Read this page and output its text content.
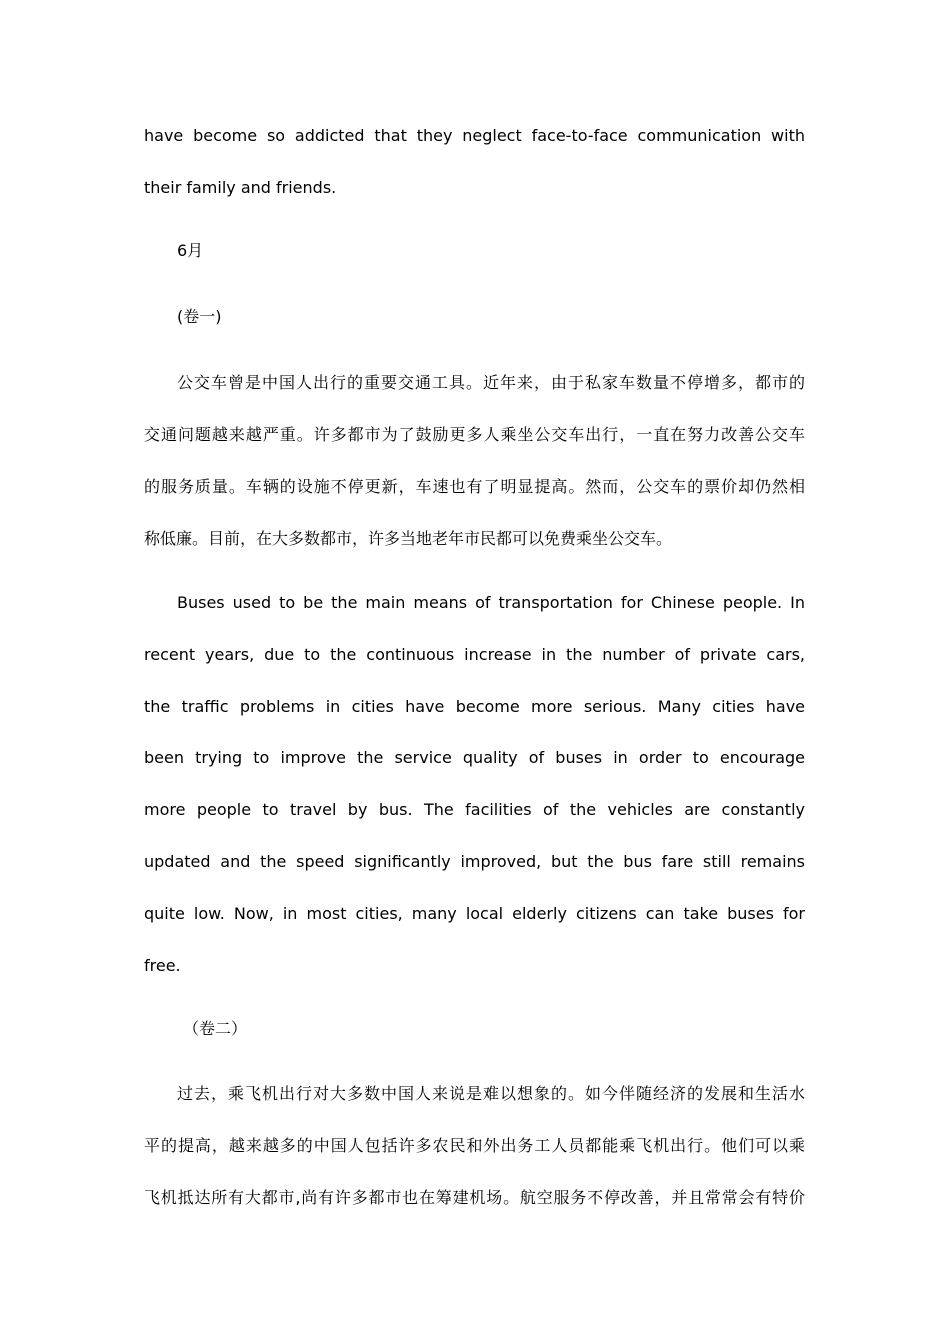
have become so addicted that they neglect face-to-face communication with
their family and friends.
6月
(卷一)
公交车曾是中国人出行的重要交通工具。近年来，由于私家车数量不停增多，都市的
交通问题越来越严重。许多都市为了鼓励更多人乘坐公交车出行，一直在努力改善公交车
的服务质量。车辆的设施不停更新，车速也有了明显提高。然而，公交车的票价却仍然相
称低廉。目前，在大多数都市，许多当地老年市民都可以免费乘坐公交车。
Buses used to be the main means of transportation for Chinese people. In
recent years, due to the continuous increase in the number of private cars,
the traffic problems in cities have become more serious. Many cities have
been trying to improve the service quality of buses in order to encourage
more people to travel by bus. The facilities of the vehicles are constantly
updated and the speed significantly improved, but the bus fare still remains
quite low. Now, in most cities, many local elderly citizens can take buses for
free.
（卷二）
过去，乘飞机出行对大多数中国人来说是难以想象的。如今伴随经济的发展和生活水
平的提高，越来越多的中国人包括许多农民和外出务工人员都能乘飞机出行。他们可以乘
飞机抵达所有大都市,尚有许多都市也在筹建机场。航空服务不停改善，并且常常会有特价
